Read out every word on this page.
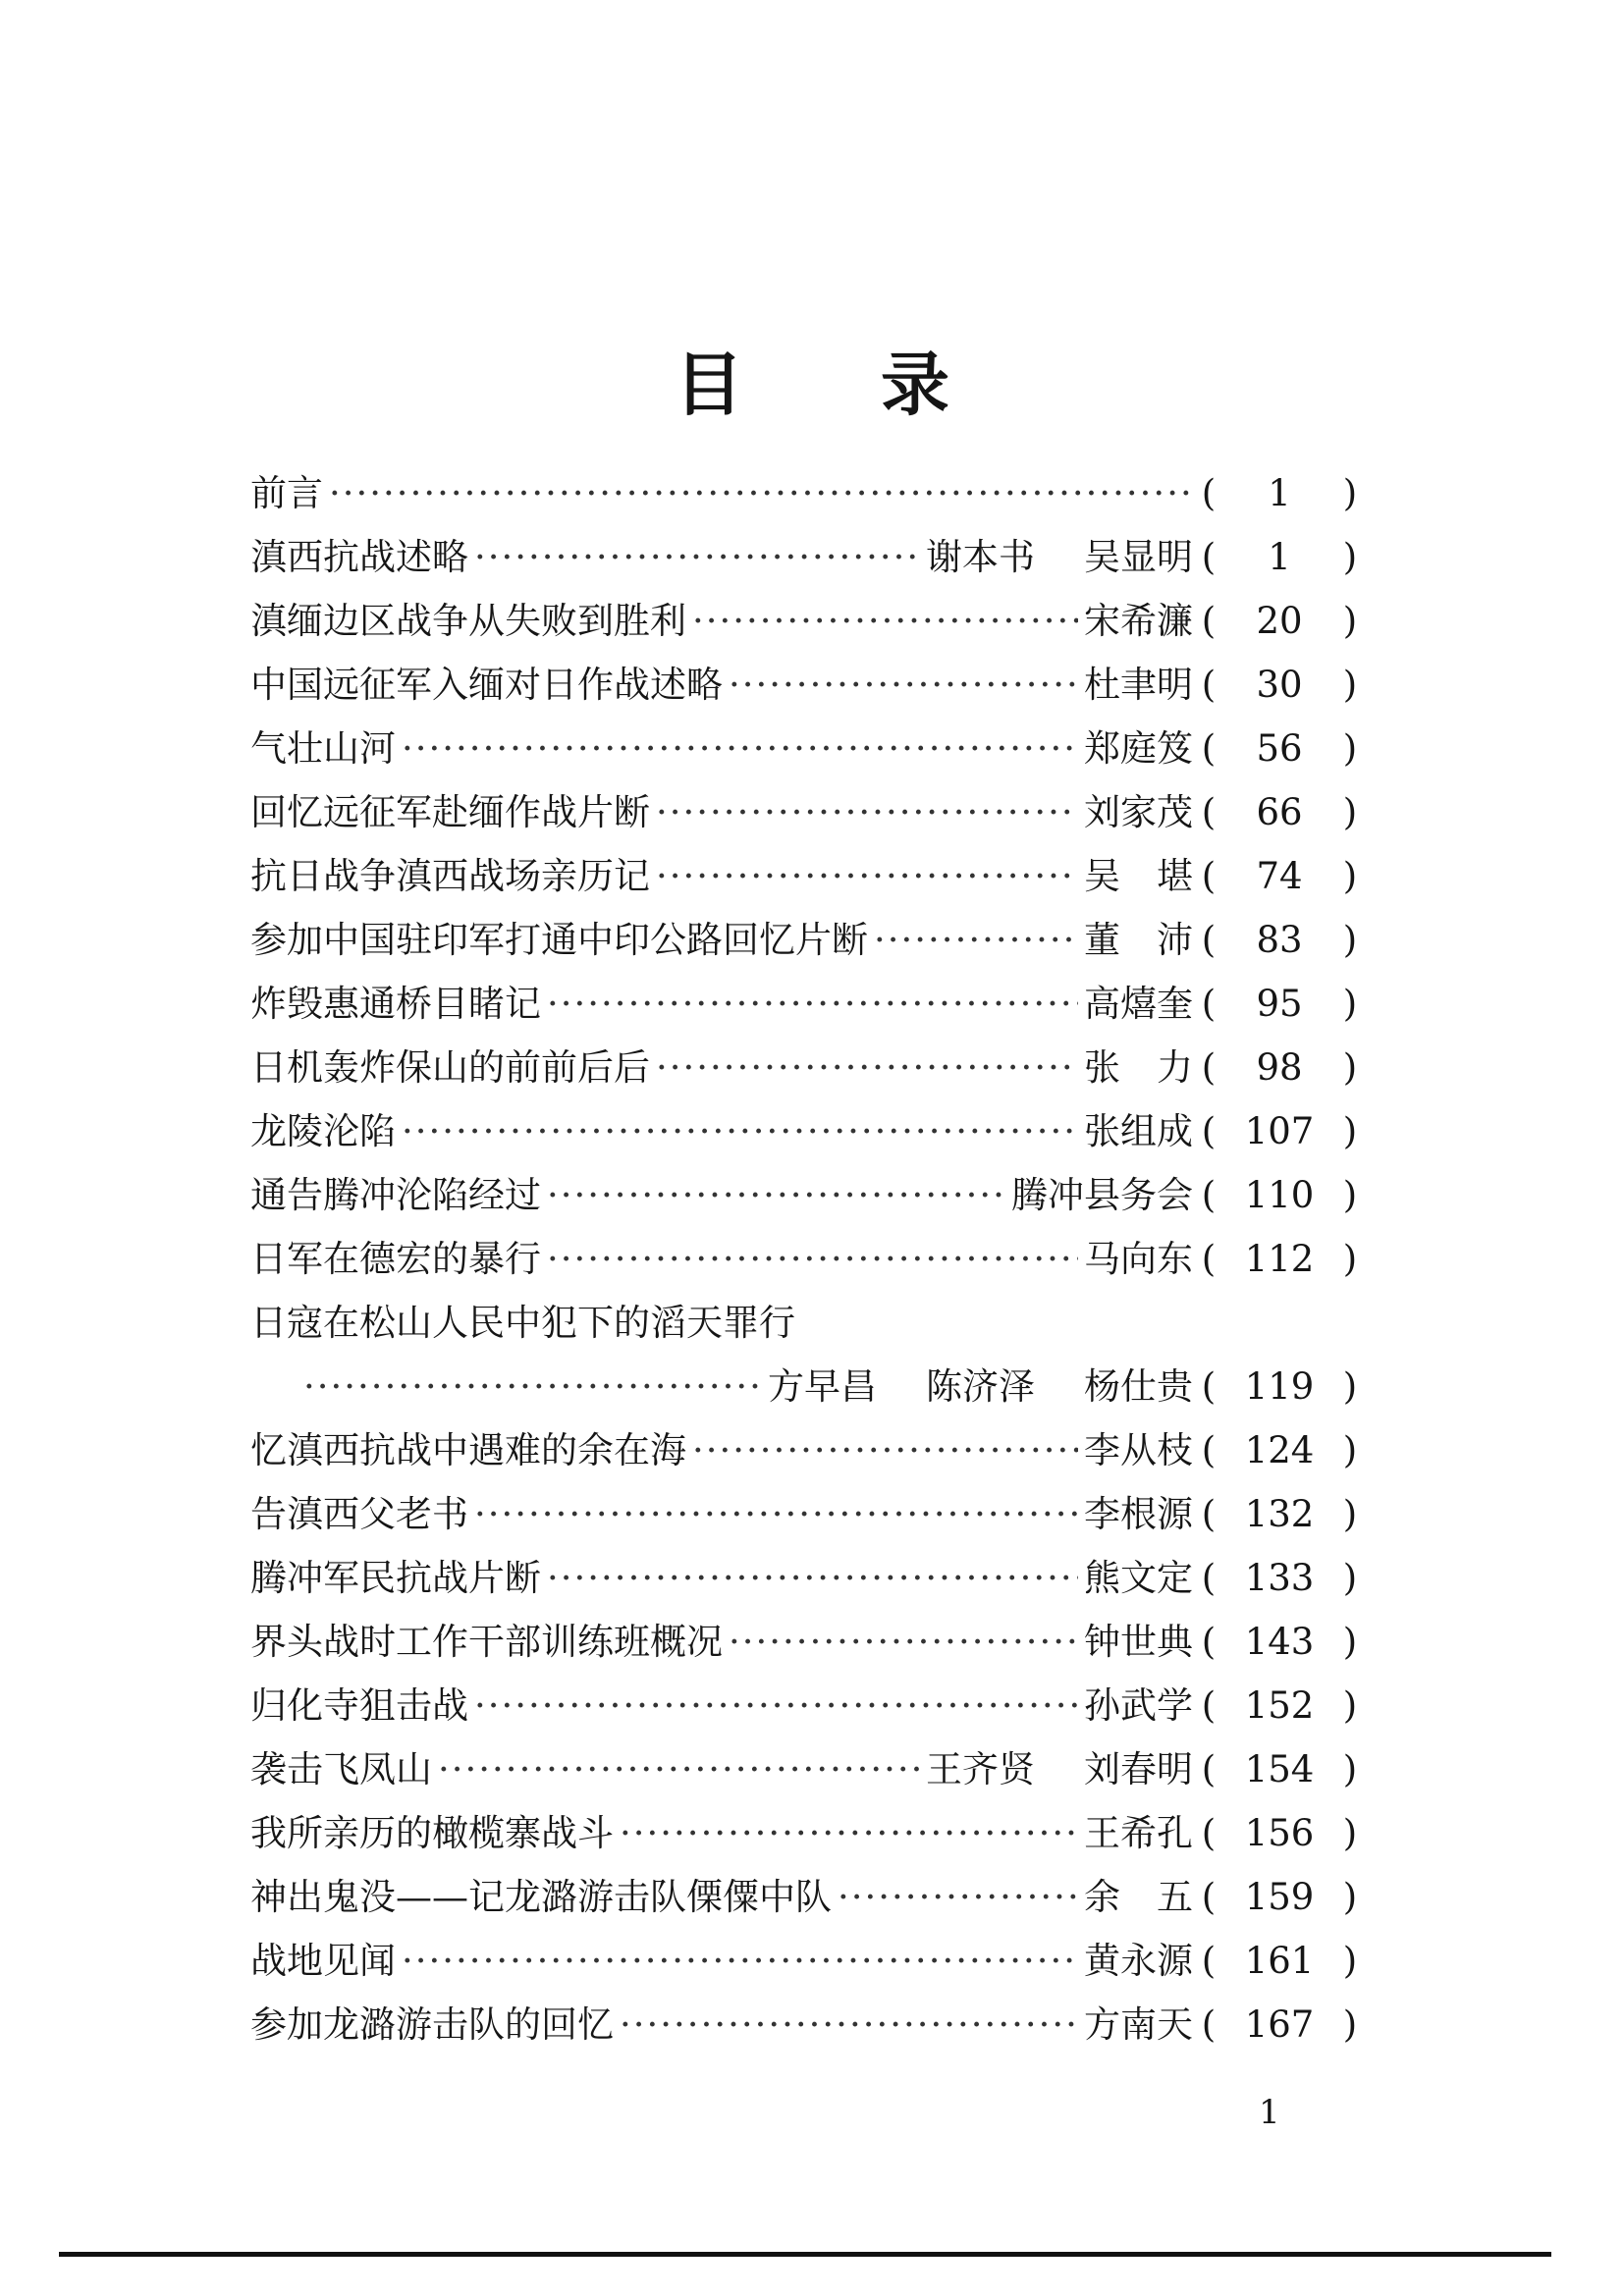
目 录
前言 ·····	(	1	)
滇西抗战述略 ·····	谢本书 吴显明 (	1	)
滇缅边区战争从失败到胜利 ·····	宋希濂 (	20	)
中国远征军入缅对日作战述略 ·····	杜聿明 (	30	)
气壮山河 ·····	郑庭笈 (	56	)
回忆远征军赴缅作战片断 ·····	刘家茂 (	66	)
抗日战争滇西战场亲历记 ·····	吴　堪 (	74	)
参加中国驻印军打通中印公路回忆片断 ·····	董　沛 (	83	)
炸毁惠通桥目睹记 ·····	高熺奎 (	95	)
日机轰炸保山的前前后后 ·····	张　力 (	98	)
龙陵沦陷 ·····	张组成 ( 107 )
通告腾冲沦陷经过 ·····	腾冲县务会 ( 110 )
日军在德宏的暴行 ·····	马向东 ( 112 )
日寇在松山人民中犯下的滔天罪行
·····
方早昌 陈济泽 杨仕贵 ( 119 )
忆滇西抗战中遇难的余在海 ·····	李从枝 ( 124 )
告滇西父老书 ·····	李根源 ( 132 )
腾冲军民抗战片断 ·····	熊文定 ( 133 )
界头战时工作干部训练班概况 ·····	钟世典 ( 143 )
归化寺狙击战 ·····	孙武学 ( 152 )
袭击飞凤山 ·····	王齐贤 刘春明 ( 154 )
我所亲历的橄榄寨战斗 ·····	王希孔 ( 156 )
神出鬼没——记龙潞游击队傈僳中队 ·····	余　五 ( 159 )
战地见闻 ·····	黄永源 ( 161 )
参加龙潞游击队的回忆 ·····	方南天 ( 167 )
1
